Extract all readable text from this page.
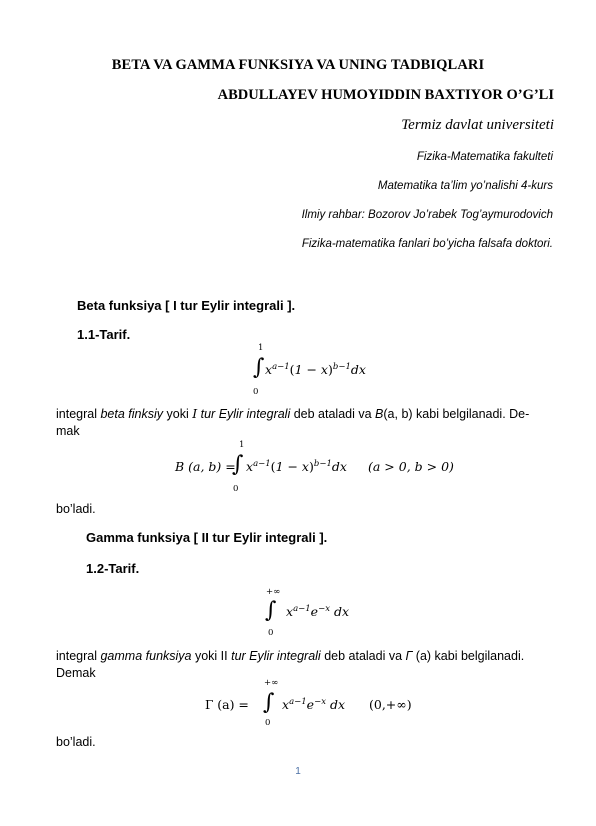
BETA VA GAMMA FUNKSIYA VA UNING TADBIQLARI
ABDULLAYEV HUMOYIDDIN BAXTIYOR O’G’LI
Termiz davlat universiteti
Fizika-Matematika fakulteti
Matematika ta’lim yo’nalishi 4-kurs
Ilmiy rahbar: Bozorov Jo’rabek Tog’aymurodovich
Fizika-matematika fanlari bo’yicha falsafa doktori.
Beta funksiya [ I tur Eylir integrali ].
1.1-Tarif.
1
∫
0
$x^{a-1}(1 - x)^{b-1}dx$
integral beta finksiy yoki I tur Eylir integrali deb ataladi va B(a, b) kabi belgilanadi. De-mak
B (a, b) =
1
∫
0
$x^{a-1}(1 - x)^{b-1}dx$ (a > 0, b > 0)
bo’ladi.
Gamma funksiya [ II tur Eylir integrali ].
1.2-Tarif.
+∞
∫
0
$x^{a-1}e^{-x}$ dx
integral gamma funksiya yoki II tur Eylir integrali deb ataladi va Г (a) kabi belgilanadi. Demak
Г (a) =
+∞
∫
0
$x^{a-1}e^{-x}$ dx (0,+∞)
bo’ladi.
1
